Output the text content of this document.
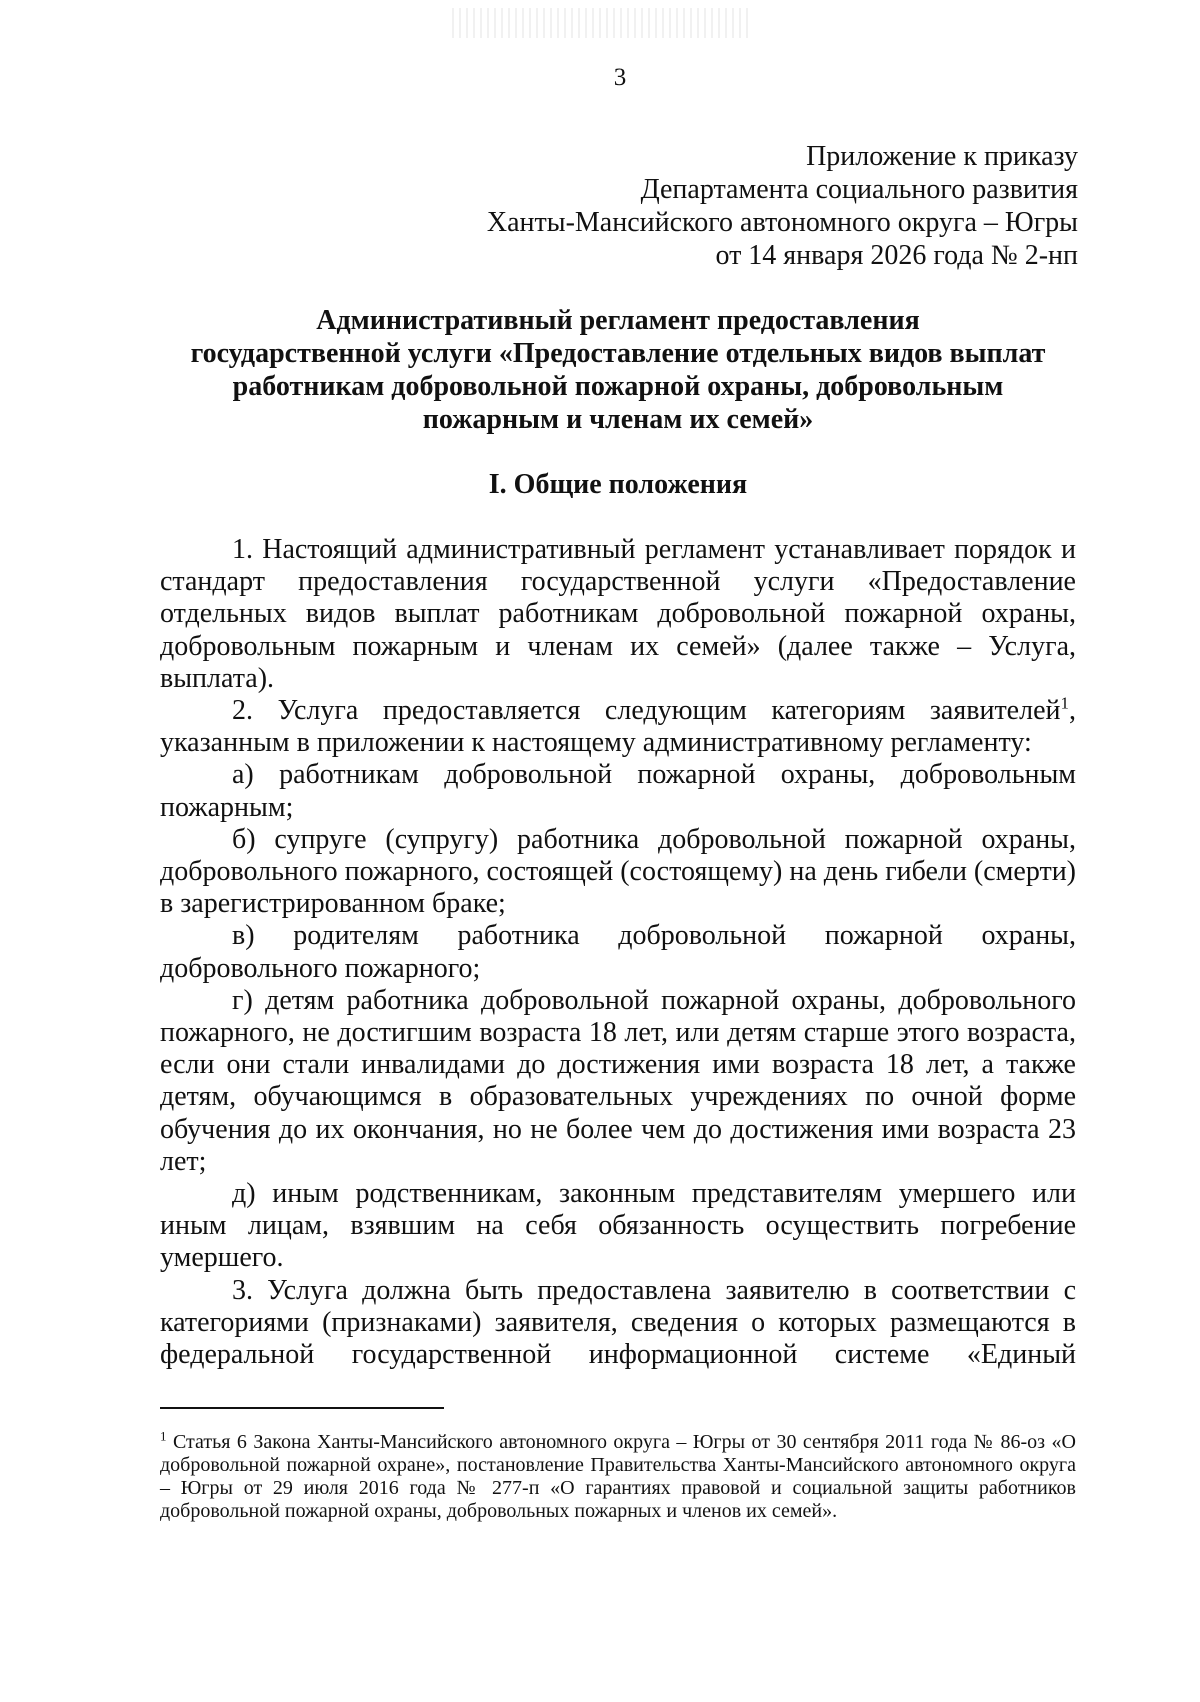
3
Приложение к приказу
Департамента социального развития
Ханты-Мансийского автономного округа – Югры
от 14 января 2026 года № 2-нп
Административный регламент предоставления
государственной услуги «Предоставление отдельных видов выплат
работникам добровольной пожарной охраны, добровольным
пожарным и членам их семей»
I. Общие положения

1. Настоящий административный регламент устанавливает порядок и стандарт предоставления государственной услуги «Предоставление отдельных видов выплат работникам добровольной пожарной охраны, добровольным пожарным и членам их семей» (далее также – Услуга, выплата).

2. Услуга предоставляется следующим категориям заявителей$^1$, указанным в приложении к настоящему административному регламенту:

а) работникам добровольной пожарной охраны, добровольным пожарным;

б) супруге (супругу) работника добровольной пожарной охраны, добровольного пожарного, состоящей (состоящему) на день гибели (смерти) в зарегистрированном браке;

в) родителям работника добровольной пожарной охраны, добровольного пожарного;

г) детям работника добровольной пожарной охраны, добровольного пожарного, не достигшим возраста 18 лет, или детям старше этого возраста, если они стали инвалидами до достижения ими возраста 18 лет, а также детям, обучающимся в образовательных учреждениях по очной форме обучения до их окончания, но не более чем до достижения ими возраста 23 лет;

д) иным родственникам, законным представителям умершего или иным лицам, взявшим на себя обязанность осуществить погребение умершего.

3. Услуга должна быть предоставлена заявителю в соответствии с категориями (признаками) заявителя, сведения о которых размещаются в федеральной государственной информационной системе «Единый

$^1$ Статья 6 Закона Ханты-Мансийского автономного округа – Югры от 30 сентября 2011 года № 86-оз «О добровольной пожарной охране», постановление Правительства Ханты-Мансийского автономного округа – Югры от 29 июля 2016 года № 277-п «О гарантиях правовой и социальной защиты работников добровольной пожарной охраны, добровольных пожарных и членов их семей».
